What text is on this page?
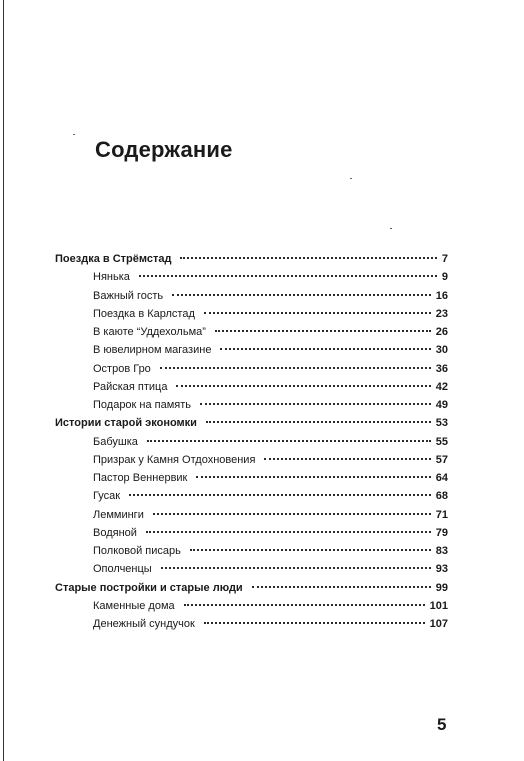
Содержание
Поездка в Стрёмстад	7
Нянька	9
Важный гость	16
Поездка в Карлстад	23
В каюте “Уддехольма”	26
В ювелирном магазине	30
Остров Гро	36
Райская птица	42
Подарок на память	49
Истории старой экономки	53
Бабушка	55
Призрак у Камня Отдохновения	57
Пастор Веннервик	64
Гусак	68
Лемминги	71
Водяной	79
Полковой писарь	83
Ополченцы	93
Старые постройки и старые люди	99
Каменные дома	101
Денежный сундучок	107

5
